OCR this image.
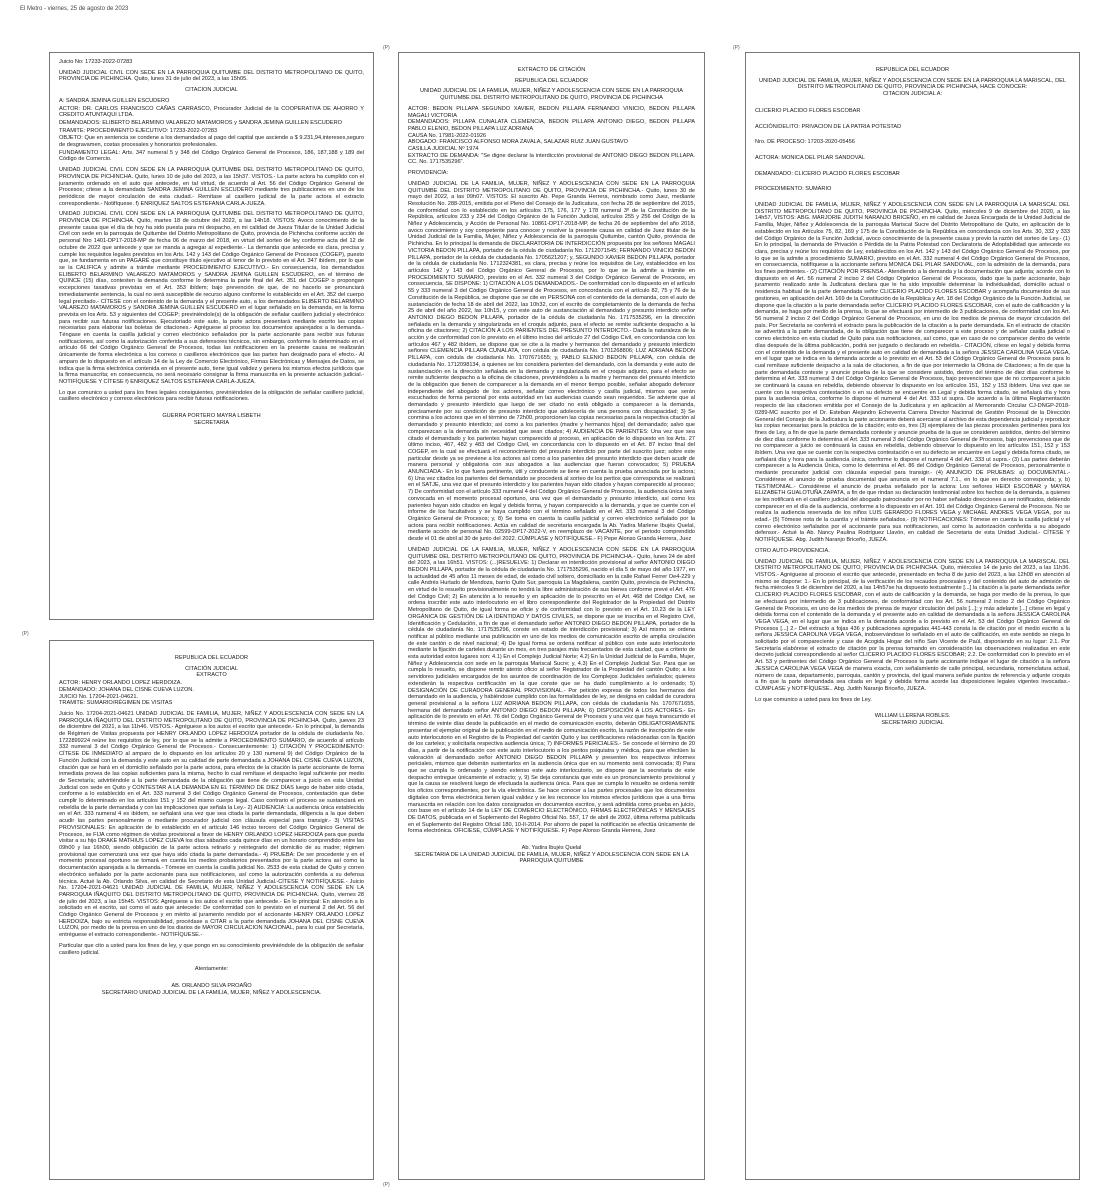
El Metro - viernes, 25 de agosto de 2023
(P)	(P)
(P)
(P)

Juicio No: 17233-2022-07283

UNIDAD JUDICIAL CIVIL CON SEDE EN LA PARROQUIA QUITUMBE DEL DISTRITO METROPOLITANO DE QUITO, PROVINCIA DE PICHINCHA. Quito, lunes 31 de julio del 2023, a las 15h05.

CITACION JUDICIAL

A: SANDRA JEMINA GUILLEN ESCUDERO

ACTOR: DR. CARLOS FRANCISCO CAÑAS CARRASCO, Procurador Judicial de la COOPERATIVA DE AHORRO Y CREDITO ATUNTAQUI LTDA.

DEMANDADOS: ELIBERTO BELARMINO VALAREZO MATAMOROS y SANDRA JEMINA GUILLEN ESCUDERO

TRAMITE: PROCEDIMIENTO EJECUTIVO: 17233-2022-07283

OBJETO: Que en sentencia se condene a los demandados al pago del capital que asciende a $ 9.231,94,intereses,seguro de desgravamen, costas procesales y honorarios profesionales.

FUNDAMENTO LEGAL: Arts. 347 numeral 5 y 348 del Código Orgánico General de Procesos, 186, 187,188 y 189 del Código de Comercio.

UNIDAD JUDICIAL CIVIL CON SEDE EN LA PARROQUIA QUITUMBE DEL DISTRITO METROPOLITANO DE QUITO, PROVINCIA DE PICHINCHA. Quito, lunes 10 de julio del 2023, a las 15h37. VISTOS.- La parte actora ha cumplido con el juramento ordenado en el auto que antecede, en tal virtud, de acuerdo al Art. 56 del Código Orgánico General de Procesos; cítese a la demandada SANDRA JEMINA GUILLEN ESCUDERO mediante tres publicaciones en uno de los periódicos de mayor circulación de esta ciudad.- Remítase al casillero judicial de la parte actora el extracto correspondiente.- Notifíquese. f) ENRIQUEZ SALTOS ESTEFANIA CARLA-JUEZA.

UNIDAD JUDICIAL CIVIL CON SEDE EN LA PARROQUIA QUITUMBE DEL DISTRITO METROPOLITANO DE QUITO, PROVINCIA DE PICHINCHA. Quito, martes 18 de octubre del 2022, a las 14h18. VISTOS: Avoco conocimiento de la presente causa que el día de hoy ha sido puesta para mi despacho, en mi calidad de Jueza Titular de la Unidad Judicial Civil con sede en la parroquia de Quitumbe del Distrito Metropolitano de Quito, provincia de Pichincha conforme acción de personal Nro 1401-DP17-2018-MP de fecha 06 de marzo del 2018, en virtud del sorteo de ley conforme acta del 12 de octubre de 2022 que antecede y que se manda a agregar al expediente.- La demanda que antecede es clara, precisa y cumple los requisitos legales previstos en los Arts. 142 y 143 del Código Orgánico General de Procesos (COGEP), puesto que, se fundamenta en un PAGARÉ que constituye título ejecutivo al tenor de lo previsto en el Art. 347 ibídem, por lo que se la CALIFICA y admite a trámite mediante PROCEDIMIENTO EJECUTIVO.- En consecuencia, los demandados ELIBERTO BELARMINO VALAREZO MATAMOROS y SANDRA JEMINA GUILLEN ESCUDERO, en el término de QUINCE (15) días, contesten la demanda conforme lo determina la parte final del Art. 351 del COGEP o propongan excepciones taxativas previstas en el Art. 353 ibídem; bajo prevención de que, de no hacerlo se pronunciará inmediatamente sentencia, la cual no será susceptible de recurso alguno conforme lo establecido en el Art. 352 del cuerpo legal precitado.- CÍTESE con el contenido de la demanda y el presente auto, a los demandados ELIBERTO BELARMINO VALAREZO MATAMOROS y SANDRA JEMINA GUILLEN ESCUDERO en el lugar señalado en la demanda, en la forma prevista en los Arts. 53 y siguientes del COGEP; previniéndole(s) de la obligación de señalar casillero judicial y electrónico para recibir sus futuras notificaciones. Ejecutoriado este auto, la parte actora presentará mediante escrito las copias necesarias para elaborar las boletas de citaciones.- Agréguese al proceso los documentos aparejados a la demanda.- Téngase en cuenta la casilla judicial y correo electrónico señalados por la parte accionante para recibir sus futuras notificaciones, así como la autorización conferida a sus defensores técnicos, sin embargo, conforme lo determinado en el artículo 66 del Código Orgánico General de Procesos, todas las notificaciones en la presente causa se realizarán únicamente de forma electrónica a los correos o casilleros electrónicos que las partes han designado para el efecto.- Al amparo de lo dispuesto en el artículo 14 de la Ley de Comercio Electrónico, Firmas Electrónicas y Mensajes de Datos, se indica que la firma electrónica contenida en el presente auto, tiene igual validez y genera los mismos efectos jurídicos que la firma manuscrita; en consecuencia, no será necesario consignar la firma manuscrita en la presente actuación judicial.- NOTIFÍQUESE Y CÍTESE f) ENRIQUEZ SALTOS ESTEFANIA CARLA-JUEZA.

Lo que comunico a usted para los fines legales consiguientes, previniéndoles de la obligación de señalar casillero judicial, casillero electrónico y correos electrónicos para recibir futuras notificaciones.

GUERRA PORTERO MAYRA LISBETH

SECRETARIA

REPUBLICA DEL ECUADOR

CITACIÓN JUDICIAL

EXTRACTO

ACTOR: HENRY ORLANDO LOPEZ HERDOIZA.

DEMANDADO: JOHANA DEL CISNE CUEVA LUZON.

JUICIO No. 17204-2021-04621.

TRAMITE: SUMARIO/RÉGIMEN DE VISITAS

Juicio No. 17204-2021-04621 UNIDAD JUDICIAL DE FAMILIA, MUJER, NIÑEZ Y ADOLESCENCIA CON SEDE EN LA PARROQUIA IÑAQUITO DEL DISTRITO METROPOLITANO DE QUITO, PROVINCIA DE PICHINCHA. Quito, jueves 23 de diciembre del 2021, a las 11h46. VISTOS.- Agréguese a los autos el escrito que antecede.- En lo principal, la demanda de Régimen de Visitas propuesta por HENRY ORLANDO LOPEZ HERDOIZA portador de la cédula de ciudadanía No. 1722899224 reúne los requisitos de ley, por lo que se la admite a PROCEDIMIENTO SUMARIO, de acuerdo al artículo 332 numeral 3 del Código Orgánico General de Procesos.- Consecuentemente: 1) CITACIÓN Y PROCEDIMIENTO: CÍTESE DE INMEDIATO al amparo de lo dispuesto en los artículos 20 y 130 numeral 9) del Código Orgánico de la Función Judicial con la demanda y este auto en su calidad de parte demandada a JOHANA DEL CISNE CUEVA LUZON, citación que se hará en el domicilio señalado por la parte actora, para efectos de la citación la parte accionante de forma inmediata provea de las copias suficientes para la misma, hecho lo cual remítase el despacho legal suficiente por medio de Secretaría; advirtiéndole a la parte demandada de la obligación que tiene de comparecer a juicio en esta Unidad Judicial con sede en Quito y CONTESTAR A LA DEMANDA EN EL TÉRMINO DE DIEZ DÍAS luego de haber sido citada, conforme a lo establecido en el Art. 333 numeral 3 del Código Orgánico General de Procesos, contestación que debe cumplir lo determinado en los artículos 151 y 152 del mismo cuerpo legal. Caso contrario el proceso se sustanciará en rebeldía de la parte demandada y con las implicaciones que señala la Ley.- 2) AUDIENCIA: La audiencia única establecida en el Art. 333 numeral 4 es ibídem, se señalará una vez que sea citada la parte demandada, diligencia a la que deben acudir las partes personalmente o mediante procurador judicial con cláusula especial para transigir.- 3) VISITAS PROVISIONALES: En aplicación de lo establecido en el artículo 146 inciso tercero del Código Orgánico General de Procesos, se FIJA como régimen de visitas provisional a favor de HENRY ORLANDO LOPEZ HERDOIZA para que pueda visitar a su hijo DRAKE MATHIUS LOPEZ CUEVA los días sábados cada quince días en un horario comprendido entre las 09h00 y las 16h00, siendo obligación de la parte actora retirarlo y reintegrarlo del domicilio de su madre; régimen provisional que comenzará una vez que haya sido citada la parte demandada.- 4) PRUEBA: De ser procedente y en el momento procesal oportuno se tomará en cuenta los medios probatorios presentados por la parte actora así como la documentación aparejada a la demanda.- Tómese en cuenta la casilla judicial No. 2533 de esta ciudad de Quito y correo electrónico señalado por la parte accionante para sus notificaciones, así como la autorización conferida a su defensa técnica. Actué la Ab. Orlando Silva, en calidad de Secretario de esta Unidad Judicial.-CÍTESE Y NOTIFÍQUESE.- Juicio No. 17204-2021-04621 UNIDAD JUDICIAL DE FAMILIA, MUJER, NIÑEZ Y ADOLESCENCIA CON SEDE EN LA PARROQUIA IÑAQUITO DEL DISTRITO METROPOLITANO DE QUITO, PROVINCIA DE PICHINCHA. Quito, viernes 28 de julio del 2023, a las 15h45. VISTOS: Agréguese a los autos el escrito que antecede.- En lo principal: En atención a lo solicitado en el escrito, así como el auto que antecede: De conformidad con lo previsto en el numeral 2 del Art. 56 del Código Orgánico General de Procesos y en mérito al juramento rendido por el accionante HENRY ORLANDO LOPEZ HERDOIZA, bajo su estricta responsabilidad, procédase a CITAR a la parte demandada JOHANA DEL CISNE CUEVA LUZON, por medio de la prensa en uno de los diarios de MAYOR CIRCULACION NACIONAL, para lo cual por Secretaría, entréguese el extracto correspondiente.- NOTIFÍQUESE.-

Particular que cito a usted para los fines de ley, y que pongo en su conocimiento previniéndole de la obligación de señalar casillero judicial.

Atentamente:

AB. ORLANDO SILVA PROAÑO

SECRETARIO UNIDAD JUDICIAL DE LA FAMILIA, MUJER, NIÑEZ Y ADOLESCENCIA.

EXTRACTO DE CITACIÓN

REPUBLICA DEL ECUADOR

UNIDAD JUDICIAL DE LA FAMILIA, MUJER, NIÑEZ Y ADOLESCENCIA CON SEDE EN LA PARROQUIA QUITUMBE DEL DISTRITO METROPOLITANO DE QUITO, PROVINCIA DE PICHINCHA

ACTOR: BEDON PILLAPA SEGUNDO XAVIER, BEDON PILLAPA FERNANDO VINICIO, BEDON PILLAPA MAGALI VICTORIA

DEMANDADOS: PILLAPA CUNALATA CLEMENCIA, BEDON PILLAPA ANTONIO DIEGO, BEDON PILLAPA PABLO ELENIO, BEDON PILLAPA LUZ ADRIANA

CAUSA No. 17981-2022-01926

ABOGADO: FRANCISCO ALFONSO MORA ZAVALA, SALAZAR RUIZ JUAN GUSTAVO

CASILLA JUDICIAL Nº 1974

EXTRACTO DE DEMANDA: "Se digne declarar la interdicción provisional de ANTONIO DIEGO BEDON PILLAPA. CC. No. 1717535296".

PROVIDENCIA:

UNIDAD JUDICIAL DE LA FAMILIA, MUJER, NIÑEZ Y ADOLESCENCIA CON SEDE EN LA PARROQUIA QUITUMBE DEL DISTRITO METROPOLITANO DE QUITO, PROVINCIA DE PICHINCHA.- Quito, lunes 30 de mayo del 2022, a las 09h07. VISTOS: El suscrito Ab. Pepe Granda Herrera, nombrado como Juez, mediante Resolución No. 288-2015, emitida por el Pleno del Consejo de la Judicatura, con fecha 28 de septiembre del 2015, de conformidad con lo establecido en los artículos 175, 176, 177 y 178 numeral 3º de la Constitución de la República, artículos 233 y 234 del Código Orgánico de la Función Judicial, artículos 255 y 256 del Código de la Niñez y Adolescencia, y Acción de Personal No. 10861-DP17-2018-MP, de fecha 26 de septiembre del año 2018, avoco conocimiento y soy competente para conocer y resolver la presente causa en calidad de Juez titular de la Unidad Judicial de la Familia, Mujer, Niñez y Adolescencia de la parroquia Quitumbe, cantón Quito, provincia de Pichincha. En lo principal la demanda de DECLARATORIA DE INTERDICCIÓN propuesta por los señores MAGALI VICTORIA BEDON PILLAPA, portador de la cédula de ciudadanía No. 1712071545; FERNANDO VINICIO BEDON PILLAPA, portador de la cédula de ciudadanía No. 1705621207; y, SEGUNDO XAVIER BEDON PILLAPA, portador de la cédula de ciudadanía No. 1712324381, es clara, precisa y reúne los requisitos de Ley, establecidos en los artículos 142 y 143 del Código Orgánico General de Procesos, por lo que se la admite a trámite en PROCEDIMIENTO SUMARIO, previsto en el Art. 332 numeral 3 del Código Orgánico General de Procesos, en consecuencia, SE DISPONE: 1) CITACIÓN A LOS DEMANDADOS.- De conformidad con lo dispuesto en el artículo 55 y 333 numeral 3 del Código Orgánico General de Procesos, en concordancia con el artículo 82, 75 y 76 de la Constitución de la República, se dispone que se cite en PERSONA con el contenido de la demanda, con el auto de sustanciación de fecha 18 de abril del 2022, las 10h32, con el escrito de completamiento de la demanda de fecha 25 de abril del año 2022, las 10h15, y con este auto de sustanciación al demandado y presunto interdicto señor ANTONIO DIEGO BEDON PILLAPA, portador de la cédula de ciudadanía No. 1717535296, en la dirección señalada en la demanda y singularizada en el croquis adjunto, para el efecto se remite suficiente despacho a la oficina de citaciones; 2) CITACIÓN A LOS PARIENTES DEL PRESUNTO INTERDICTO.- Dada la naturaleza de la acción y de conformidad con lo previsto en el último inciso del artículo 27 del Código Civil, en concordancia con los artículos 467 y 482 ibídem, se dispone que se cite a la madre y hermanos del demandado y presunto interdicto señores CLEMENCIA PILLAPA CUNALATA, con cédula de ciudadanía No. 1701268806; LUZ ADRIANA BEDON PILLAPA, con cédula de ciudadanía No. 1707671655; y, PABLO ELENIO BEDON PILLAPA, con cédula de ciudadanía No. 1712098134, a quienes se los considera parientes del demandado, con la demanda y este auto de sustanciación en la dirección señalada en la demanda y singularizada en el croquis adjunto, para el efecto se remite suficiente despacho a la oficina de citaciones, previniéndoles a la madre y hermanos del presunto interdicto de la obligación que tienen de comparecer a la demanda en el menor tiempo posible, señalar abogado defensor independiente del abogado de los actores, señalar correo electrónico y casilla judicial, mismos que serán escuchados de forma personal por esta autoridad en las audiencias cuando sean requeridos. Se advierte que al demandado y presunto interdicto que luego de ser citado no está obligado a comparecer a la demanda, precisamente por su condición de presunto interdicto que adolecería de una persona con discapacidad; 3) Se conmina a los actores que en el término de 72h00, proporcionen las copias necesarias para la respectiva citación al demandado y presunto interdicto; así como a los parientes (madre y hermanos hijos) del demandado; salvo que comparezcan a la demanda sin necesidad que sean citados; 4) AUDIENCIA DE PARIENTES: Una vez que sea citado el demandado y los parientes hayan comparecido al proceso, en aplicación de lo dispuesto en los Arts. 27 último inciso, 467, 482 y 483 del Código Civil, en concordancia con lo dispuesto en el Art. 87 inciso final del COGEP, en la cual se efectuará el reconocimiento del presunto interdicto por parte del suscrito juez; sobre este particular desde ya se previene a los actores así como a los parientes del presunto interdicto que deben acudir de manera personal y obligatoria con sus abogados a las audiencias que fueran convocados; 5) PRUEBA ANUNCIADA.- En lo que fuera pertinente, útil y conducente se tiene en cuenta la prueba anunciada por la actora; 6) Una vez citados los parientes del demandado se procederá al sorteo de los peritos que corresponda se realizará en el SATJE, una vez que el presunto interdicto y los parientes hayan sido citados y hayan comparecido al proceso; 7) De conformidad con el artículo 333 numeral 4 del Código Orgánico General de Procesos, la audiencia única será convocada en el momento procesal oportuno, una vez que el demandado y presunto interdicto, así como los parientes hayan sido citados en legal y debida forma, y hayan comparecido a la demanda, y que se cuente con el informe de los facultativos y se haya cumplido con el término señalado en el Art. 333 numeral 3 del Código Orgánico General de Procesos; y, 8) Se toma en cuenta la casilla judicial y correo electrónico señalado por la actora para recibir notificaciones. Actúa en calidad de secretaria encargada la Ab. Yadira Marlene Ibujés Quelal, mediante acción de personal No. 02599-DP17-2022-V, en reemplazo de VACANTE, por el periodo comprendido desde el 01 de abril al 30 de junio del 2022. CÚMPLASE y NOTIFÍQUESE.- F) Pepe Alonso Granda Herrera, Juez

UNIDAD JUDICIAL DE LA FAMILIA, MUJER, NIÑEZ Y ADOLESCENCIA CON SEDE EN LA PARROQUIA QUITUMBE DEL DISTRITO METROPOLITANO DE QUITO, PROVINCIA DE PICHINCHA.- Quito, lunes 24 de abril del 2023, a las 16h51. VISTOS: (...)RESUELVE: 1) Declarar en interdicción provisional al señor ANTONIO DIEGO BEDON PILLAPA, portador de la cédula de ciudadanía No. 1717535296, nacido el día 5 de mayo del año 1977, en la actualidad de 45 años 11 meses de edad, de estado civil soltero, domiciliado en la calle Rafael Ferrer Oe4-229 y calle Andrés Hurtado de Mendoza, barrio Quito Sur, parroquia La Magdalena, cantón Quito, provincia de Pichincha, en virtud de lo resuelto provisionalmente no tendrá la libre administración de sus bienes conforme prevé el Art. 476 del Código Civil; 2) En atención a lo resuelto y en aplicación de lo prescrito en el Art. 468 del Código Civil, se ordena inscribir este auto interlocutorio en el libro correspondiente del Registrador de la Propiedad del Distrito Metropolitano de Quito, de igual forma se oficie y de conformidad con lo previsto en el Art. 10.23 de la LEY ORGÁNICA DE GESTIÓN DE LA IDENTIDAD Y DATOS CIVILES, se dispone que se inscriba en el Registro Civil, Identificación y Cedulación, a fin de que el demandado señor ANTONIO DIEGO BEDON PILLAPA, portador de la cédula de ciudadanía No. 1717535296, conste en estado de interdicción provisional; 3) Así mismo se ordena notificar al público mediante una publicación en uno de los medios de comunicación escrito de amplia circulación de este cantón o de nivel nacional; 4) De igual forma se ordena notificar al público con este auto interlocutorio mediante la fijación de carteles durante un mes, en tres parajes más frecuentados de esta ciudad, que a criterio de esta autoridad estos lugares son: 4.1) En el Complejo Judicial Norte; 4.2) En la Unidad Judicial de la Familia, Mujer, Niñez y Adolescencia con sede en la parroquia Mariscal Sucre; y, 4.3) En el Complejo Judicial Sur. Para que se cumpla lo resuelto, se dispone remitir atento oficio al señor Registrador de la Propiedad del cantón Quito; a los servidores judiciales encargados de los asuntos de coordinación de los Complejos Judiciales señalados; quienes extenderán la respectiva certificación en la que conste que se ha dado cumplimiento a lo ordenado; 5) DESIGNACIÓN DE CURADORA GENERAL PROVISIONAL.- Por petición expresa de todos los hermanos del demandado en la audiencia, y habiéndose cumplido con las formalidades de ley, se designa en calidad de curadora general provisional a la señora LUZ ADRIANA BEDON PILLAPA, con cédula de ciudadanía No. 1707671655, hermana del demandado señor ANTONIO DIEGO BEDON PILLAPA; 6) DISPOSICIÓN A LOS ACTORES.- En aplicación de lo previsto en el Art. 76 del Código Orgánico General de Procesos y una vez que haya transcurrido el término de veinte días desde la publicación en el medio de comunicación escrito, deberán OBLIGATORIAMENTE presentar el ejemplar original de la publicación en el medio de comunicación escrito, la razón de inscripción de este auto interlocutorio en el Registro de la Propiedad del cantón Quito y las certificaciones relacionadas con la fijación de los carteles; y solicitarla respectiva audiencia única; 7) INFORMES PERICIALES.- Se concede el término de 20 días, a partir de la notificación con este auto interlocutorio a los peritos psiquiatra y médica, para que efectúen la valoración al demandado señor ANTONIO DIEGO BEDON PILLAPA y presenten los respectivos informes periciales, mismos que deberán sustentarlos en la audiencia única que en su momento será convocada; 8) Para que se cumpla lo ordenado y siendo extenso este auto interlocutorio, se dispone que la secretaria de este despacho entregue únicamente el extracto; y, 9) Se deja constancia que este es un pronunciamiento provisional y que la causa se resolverá luego de efectuada la audiencia única. Para que se cumpla lo resuelto se ordena remitir los oficios correspondientes, por la vía electrónica. Se hace conocer a las partes procesales que los documentos digitales con firma electrónica tienen igual validez y se les reconoce los mismos efectos jurídicos que a una firma manuscrita en relación con los datos consignados en documentos escritos, y será admitida como prueba en juicio, con base en el artículo 14 de la LEY DE COMERCIO ELECTRÓNICO, FIRMAS ELECTRÓNICAS Y MENSAJES DE DATOS, publicada en el Suplemento del Registro Oficial No. 557, 17 de abril de 2002, última reforma publicada en el Suplemento del Registro Oficial 180, 10-II-2014. Por ahorro de papel la notificación se efectúa únicamente de forma electrónica. OFICIESE, CÚMPLASE Y NOTIFÍQUESE. F) Pepe Alonso Granda Herrera, Juez

Ab. Yadira Ibujés Quelal

SECRETARIA DE LA UNIDAD JUDICIAL DE FAMILIA, MUJER, NIÑEZ Y ADOLESCENCIA CON SEDE EN LA PARROQUIA QUITUMBE

REPUBLICA DEL ECUADOR

UNIDAD JUDICIAL DE FAMILIA, MUJER, NIÑEZ Y ADOLESCENCIA CON SEDE EN LA PARROQUIA LA MARISCAL, DEL DISTRITO METROPOLITANO DE QUITO, PROVINCIA DE PICHINCHA, HACE CONOCER:

CITACION JUDICIAL A:

CLICERIO PLACIDO FLORES ESCOBAR

ACCIÓN/DELITO: PRIVACION DE LA PATRIA POTESTAD

Nro. DE PROCESO: 17203-2020-05456

ACTORA: MONICA DEL PILAR SANDOVAL

DEMANDADO: CLICERIO PLACIDO FLORES ESCOBAR

PROCEDIMIENTO: SUMARIO

UNIDAD JUDICIAL DE FAMILIA, MUJER, NIÑEZ Y ADOLESCENCIA CON SEDE EN LA PARROQUIA LA MARISCAL DEL DISTRITO METROPOLITANO DE QUITO, PROVINCIA DE PICHINCHA. Quito, miércoles 9 de diciembre del 2020, a las 14h57, VISTOS: ABG. MARJORIE JUDITH NARANJO BRICEÑO, en mi calidad de Jueza Encargada de la Unidad Judicial de Familia, Mujer, Niñez y Adolescencia de la parroquia Mariscal Sucre del Distrito Metropolitano de Quito, en aplicación de lo establecido en los Artículos 75, 82, 169 y 175 de la Constitución de la República en concordancia con los Arts. 30, 332 y 333 del Código Orgánico de la Función Judicial, avoco conocimiento de la presente causa y previo la razón del sorteo de Ley.- (1) En lo principal, la demanda de Privación o Pérdida de la Patria Potestad con Declaratoria de Adoptabilidad que antecede es clara, precisa y reúne los requisitos de Ley, establecidos en los Art. 142 y 143 del Código Orgánico General de Procesos, por lo que se la admite a procedimiento SUMARIO, previsto en el Art. 332 numeral 4 del Código Orgánico General de Procesos, en consecuencia, notifíquese a la accionante señora MONICA DEL PILAR SANDOVAL, con la admisión de la demanda, para los fines pertinentes.- (2) CITACIÓN POR PRENSA.- Atendiendo a la demanda y la documentación que adjunta; acorde con lo dispuesto en el Art. 56 numeral 2 inciso 2 del Código Orgánico General de Procesos, dado que la parte accionante, bajo juramento realizado ante la Judicatura declara que le ha sido imposible determinar la individualidad, domicilio actual o residencia habitual de la parte demandada señor CLICERIO PLACIDO FLORES ESCOBAR y acompaña documentos de sus gestiones, en aplicación del Art. 169 de la Constitución de la República y Art. 18 del Código Orgánico de la Función Judicial, se dispone que la citación a la parte demandada señor CLICERIO PLACIDO FLORES ESCOBAR, con el auto de calificación y la demanda, se haga por medio de la prensa, lo que se efectuará por intermedio de 3 publicaciones, de conformidad con los Art. 56 numeral 2 inciso 2 del Código Orgánico General de Procesos, en uno de los medios de prensa de mayor circulación del país. Por Secretaría se conferirá el extracto para la publicación de la citación a la parte demandada. En el extracto de citación se advertirá a la parte demandada, de la obligación que tiene de comparecer a este proceso y de señalar casilla judicial o correo electrónico en esta ciudad de Quito para sus notificaciones, así como, que en caso de no comparecer dentro de veinte días después de la última publicación, podrá ser juzgado o declarado en rebeldía.- CITACIÓN, cítese en legal y debida forma con el contenido de la demanda y el presente auto en calidad de demandada a la señora JESSICA CAROLINA VEGA VEGA, en el lugar que se indica en la demanda acorde a lo previsto en el Art. 53 del Código Orgánico General de Procesos para lo cual remítase suficiente despacho a la sala de citaciones, a fin de que por intermedio la Oficina de Citaciones; a fin de que la parte demandada conteste y anuncie prueba de la que se considere asistido, dentro del término de diez días conforme lo determina el Art. 333 numeral 3 del Código Orgánico General de Procesos, bajo prevenciones que de no comparecer a juicio se continuará la causa en rebeldía, debiendo observar lo dispuesto en los artículos 151, 152 y 153 ibídem. Una vez que se cuente con la respectiva contestación o en su defecto se encuentre en Legal y debida forma citado, se señalará día y hora para la audiencia única, conforme lo dispone el numeral 4 del Art. 333 ut supra. De acuerdo a la última Reglamentación respecto de las citaciones emitida por el Consejo de la Judicatura y en aplicación al Memorando Circular CJ-DNGP-2018-0289-MC suscrito por el Dr. Esteban Alejandro Echeverría Carrera Director Nacional de Gestión Procesal de la Dirección General del Consejo de la Judicatura la parte accionante deberá acercarse al archivo de esta dependencia judicial y reproducir las copias necesarias para la práctica de la citación; esto es, tres (3) ejemplares de las piezas procesales pertinentes para los fines de Ley, a fin de que la parte demandada conteste y anuncie prueba de la que se consideren asistidos, dentro del término de diez días conforme lo determina el Art. 333 numeral 3 del Código Orgánico General de Procesos, bajo prevenciones que de no comparecer a juicio se continuará la causa en rebeldía, debiendo observar lo dispuesto en los artículos 151, 152 y 153 ibídem. Una vez que se cuente con la respectiva contestación o en su defecto se encuentre en Legal y debida forma citado, se señalará día y hora para la audiencia única, conforme lo dispone el numeral 4 del Art. 333 ut supra.- (3) Las partes deberán comparecer a la Audiencia Única, como lo determina el Art. 86 del Código Orgánico General de Procesos, personalmente o mediante procurador judicial con cláusula especial para transigir.- (4) ANUNCIO DE PRUEBAS: a) DOCUMENTAL.- Considérese el anuncio de prueba documental que anuncia en el numeral 7.1., en lo que en derecho corresponda; y, b) TESTIMONIAL.- Considérese el anuncio de prueba señalado por la actora: Los señores HEIDI ESCOBAR y MAYRA ELIZABETH GUALOTUÑA ZAPATA, a fin de que rindan su declaración testimonial sobre los hechos de la demanda, a quienes se les notificará en el casillero judicial del abogado patrocinador por no haber señalado direcciones a ser notificados, debiendo comparecer en el día de la audiencia, conforme a lo dispuesto en el Art. 191 del Código Orgánico General de Procesos. No se realiza la audiencia reservada de los niños LUIS GERARDO FLORES VEGA y MICHAEL ANDRES VEGA VEGA, por su edad.- (5) Tómese nota de la cuantía y el trámite señalados.- (9) NOTIFICACIONES: Tómese en cuenta la casilla judicial y el correo electrónico señalados por el accionante para sus notificaciones, así como la autorización conferida a su abogado defensor.- Actué la Ab. Nancy Paulina Rodríguez Llavón, en calidad de Secretaria de esta Unidad Judicial.- CÍTESE Y NOTIFÍQUESE. Abg. Judith Naranjo Briceño, JUEZA.

OTRO AUTO-PROVIDENCIA.

UNIDAD JUDICIAL DE FAMILIA, MUJER, NIÑEZ Y ADOLESCENCIA CON SEDE EN LA PARROQUIA LA MARISCAL DEL DISTRITO METROPOLITANO DE QUITO, PROVINCIA DE PICHINCHA. Quito, miércoles 14 de junio del 2023, a las 11h36. VISTOS.- Agréguese al proceso el escrito que antecede, presentado en fecha 8 de junio del 2023, a las 12h08 en atención al mismo se dispone: 1.- En lo principal, de la verificación de los recaudos procesales y del contenido del auto de admisión de fecha miércoles 9 de diciembre del 2020, a las 14h57se ha dispuesto textualmente [...] la citación a la parte demandada señor CLICERIO PLACIDO FLORES ESCOBAR, con el auto de calificación y la demanda, se haga por medio de la prensa, lo que se efectuará por intermedio de 3 publicaciones, de conformidad con los Art. 56 numeral 2 inciso 2 del Código Orgánico General de Procesos, en uno de los medios de prensa de mayor circulación del país [...]; y más adelante [...] cítese en legal y debida forma con el contenido de la demanda y el presente auto en calidad de demandada a la señora JESSICA CAROLINA VEGA VEGA, en el lugar que se indica en la demanda acorde a lo previsto en el Art. 53 del Código Orgánico General de Procesos [...] 2.- Del extracto a fojas 436 y publicaciones agregadas 441-443 consta la de citación por el medio escrito a la señora JESSICA CAROLINA VEGA VEGA, inobservándose lo señalado en el auto de calificación, en este sentido se niega lo solicitado por el compareciente y case de Acogida Hogar del niño San Vicente de Paúl, disponiendo en su lugar: 2.1. Por Secretaría elabórese el extracto de citación por la prensa tomando en consideración las observaciones realizadas en este decreto judicial correspondiendo al señor CLICERIO PLACIDO FLORES ESCOBAR; 2.2. De conformidad con lo previsto en el Art. 53 y pertinentes del Código Orgánico General de Procesos la parte accionante indique el lugar de citación a la señora JESSICA CAROLINA VEGA VEGA de manera exacta, con señalamiento de calle principal, secundaria, nomenclatura actual, número de casa, departamento, parroquia, cantón y provincia, del igual manera señale puntos de referencia y adjunte croquis a fin que la parte demandada sea citada en legal y debida forma acorde las disposiciones legales vigentes invocadas.- CÚMPLASE y NOTIFÍQUESE.. Abg. Judith Naranjo Briceño, JUEZA.

Lo que comunico a usted para los fines de Ley.

WILLIAM LLERENA ROBLES.

SECRETARIO JUDICIAL
